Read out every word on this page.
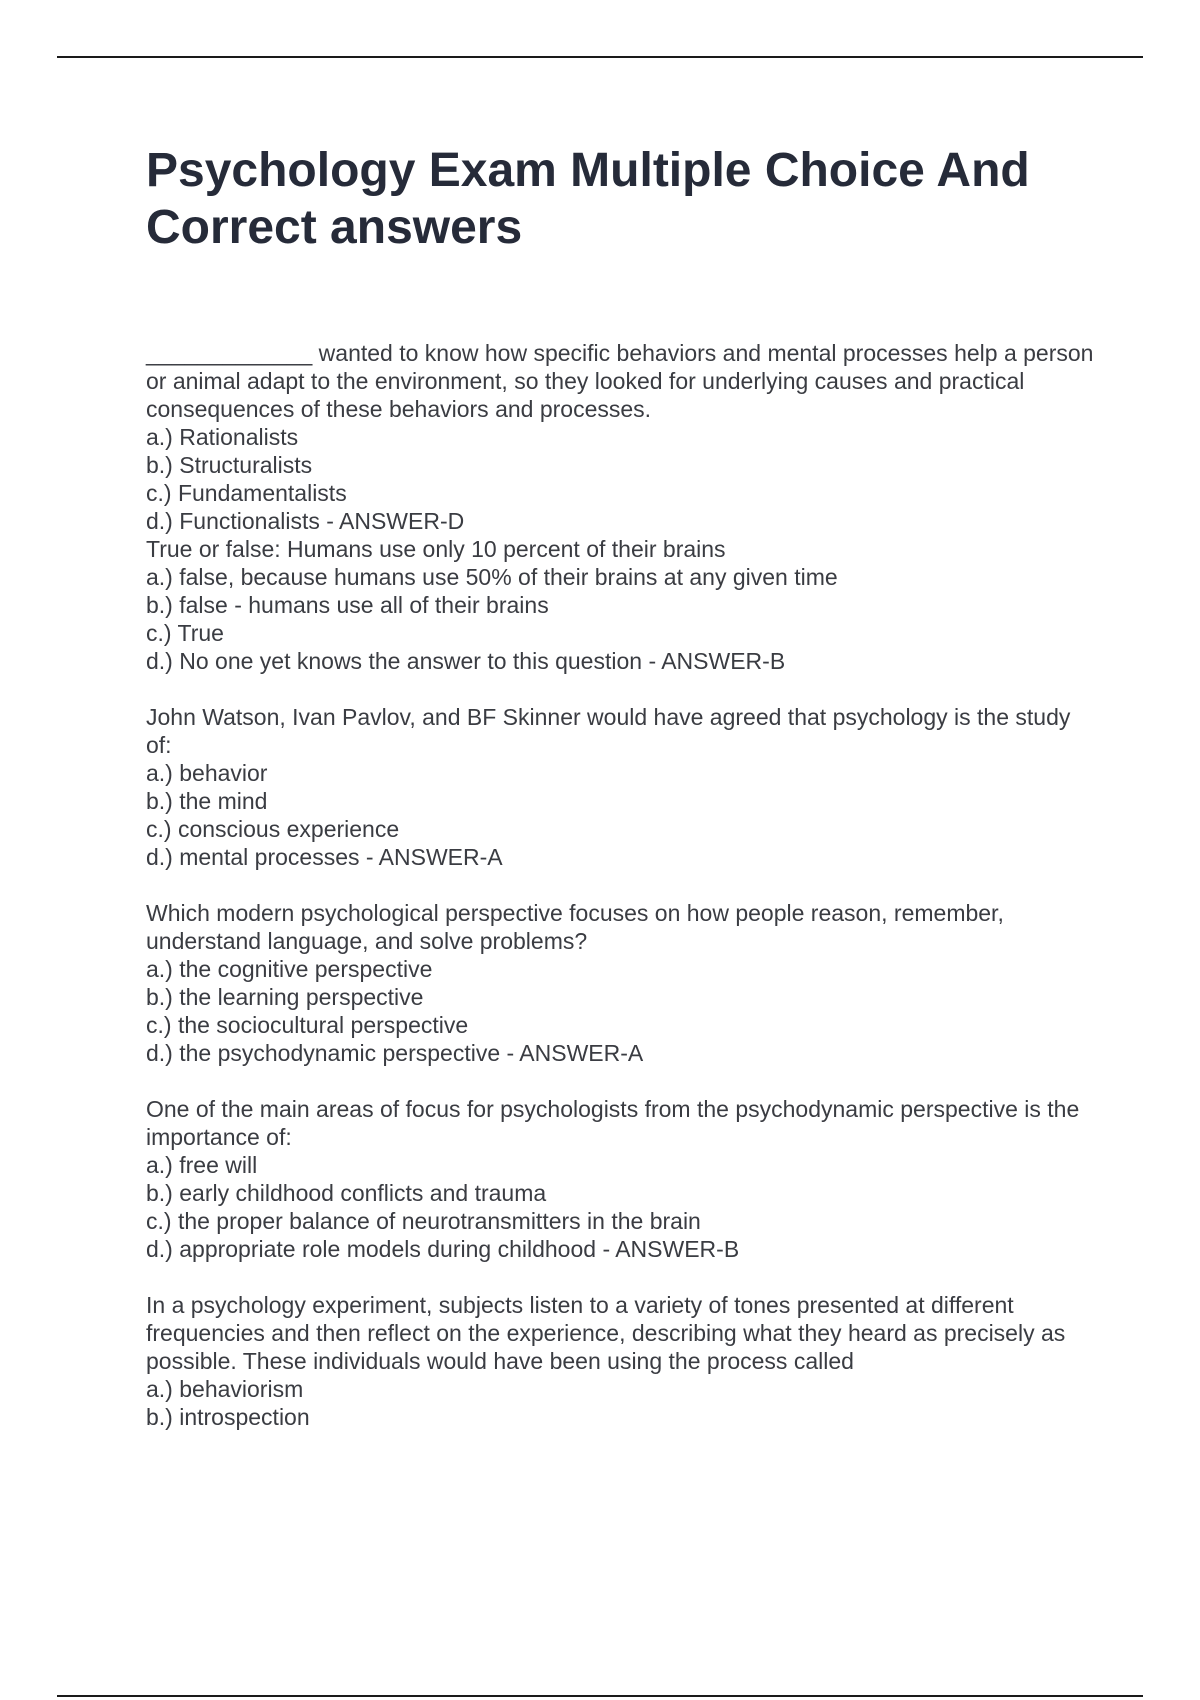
Psychology Exam Multiple Choice And Correct answers

_____________ wanted to know how specific behaviors and mental processes help a person or animal adapt to the environment, so they looked for underlying causes and practical consequences of these behaviors and processes.

a.) Rationalists

b.) Structuralists

c.) Fundamentalists

d.) Functionalists - ANSWER-D

True or false: Humans use only 10 percent of their brains

a.) false, because humans use 50% of their brains at any given time

b.) false - humans use all of their brains

c.) True

d.) No one yet knows the answer to this question - ANSWER-B

John Watson, Ivan Pavlov, and BF Skinner would have agreed that psychology is the study of:

a.) behavior

b.) the mind

c.) conscious experience

d.) mental processes - ANSWER-A

Which modern psychological perspective focuses on how people reason, remember, understand language, and solve problems?

a.) the cognitive perspective

b.) the learning perspective

c.) the sociocultural perspective

d.) the psychodynamic perspective - ANSWER-A

One of the main areas of focus for psychologists from the psychodynamic perspective is the importance of:

a.) free will

b.) early childhood conflicts and trauma

c.) the proper balance of neurotransmitters in the brain

d.) appropriate role models during childhood - ANSWER-B

In a psychology experiment, subjects listen to a variety of tones presented at different frequencies and then reflect on the experience, describing what they heard as precisely as possible. These individuals would have been using the process called

a.) behaviorism

b.) introspection
